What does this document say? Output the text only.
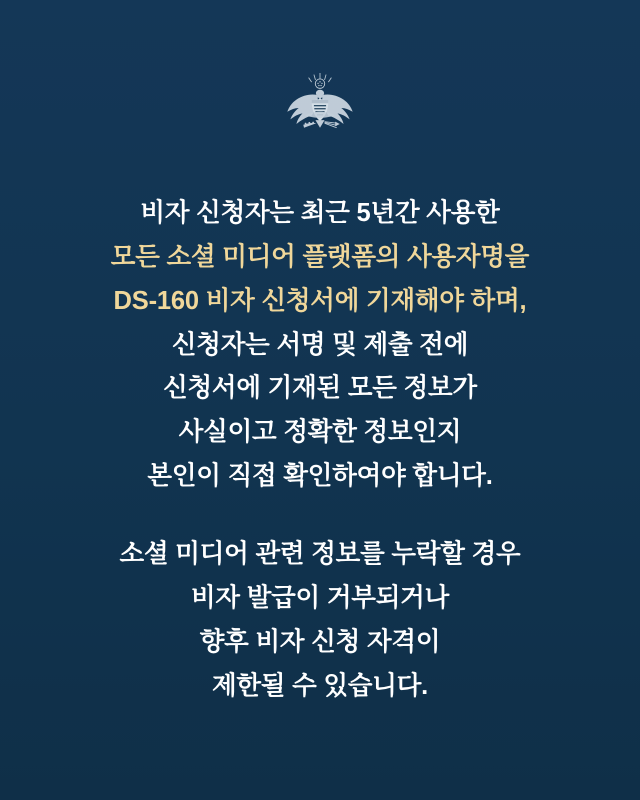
비자 신청자는 최근 5년간 사용한
모든 소셜 미디어 플랫폼의 사용자명을
DS-160 비자 신청서에 기재해야 하며,
신청자는 서명 및 제출 전에
신청서에 기재된 모든 정보가
사실이고 정확한 정보인지
본인이 직접 확인하여야 합니다.
소셜 미디어 관련 정보를 누락할 경우
비자 발급이 거부되거나
향후 비자 신청 자격이
제한될 수 있습니다.
